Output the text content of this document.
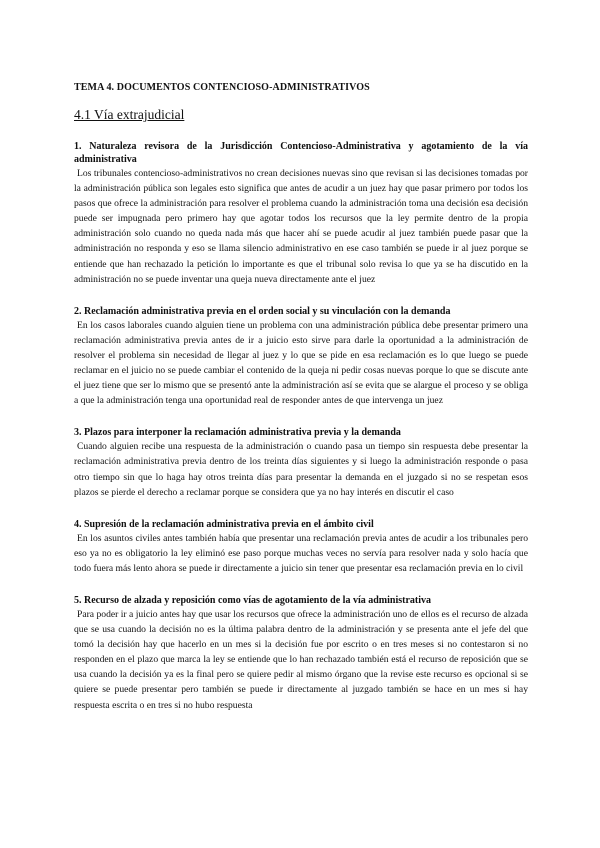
TEMA 4. DOCUMENTOS CONTENCIOSO-ADMINISTRATIVOS
4.1 Vía extrajudicial

1. Naturaleza revisora de la Jurisdicción Contencioso-Administrativa y agotamiento de la vía administrativa

Los tribunales contencioso-administrativos no crean decisiones nuevas sino que revisan si las decisiones tomadas por la administración pública son legales esto significa que antes de acudir a un juez hay que pasar primero por todos los pasos que ofrece la administración para resolver el problema cuando la administración toma una decisión esa decisión puede ser impugnada pero primero hay que agotar todos los recursos que la ley permite dentro de la propia administración solo cuando no queda nada más que hacer ahí se puede acudir al juez también puede pasar que la administración no responda y eso se llama silencio administrativo en ese caso también se puede ir al juez porque se entiende que han rechazado la petición lo importante es que el tribunal solo revisa lo que ya se ha discutido en la administración no se puede inventar una queja nueva directamente ante el juez

2. Reclamación administrativa previa en el orden social y su vinculación con la demanda

En los casos laborales cuando alguien tiene un problema con una administración pública debe presentar primero una reclamación administrativa previa antes de ir a juicio esto sirve para darle la oportunidad a la administración de resolver el problema sin necesidad de llegar al juez y lo que se pide en esa reclamación es lo que luego se puede reclamar en el juicio no se puede cambiar el contenido de la queja ni pedir cosas nuevas porque lo que se discute ante el juez tiene que ser lo mismo que se presentó ante la administración así se evita que se alargue el proceso y se obliga a que la administración tenga una oportunidad real de responder antes de que intervenga un juez

3. Plazos para interponer la reclamación administrativa previa y la demanda

Cuando alguien recibe una respuesta de la administración o cuando pasa un tiempo sin respuesta debe presentar la reclamación administrativa previa dentro de los treinta días siguientes y si luego la administración responde o pasa otro tiempo sin que lo haga hay otros treinta días para presentar la demanda en el juzgado si no se respetan esos plazos se pierde el derecho a reclamar porque se considera que ya no hay interés en discutir el caso

4. Supresión de la reclamación administrativa previa en el ámbito civil

En los asuntos civiles antes también había que presentar una reclamación previa antes de acudir a los tribunales pero eso ya no es obligatorio la ley eliminó ese paso porque muchas veces no servía para resolver nada y solo hacía que todo fuera más lento ahora se puede ir directamente a juicio sin tener que presentar esa reclamación previa en lo civil

5. Recurso de alzada y reposición como vías de agotamiento de la vía administrativa

Para poder ir a juicio antes hay que usar los recursos que ofrece la administración uno de ellos es el recurso de alzada que se usa cuando la decisión no es la última palabra dentro de la administración y se presenta ante el jefe del que tomó la decisión hay que hacerlo en un mes si la decisión fue por escrito o en tres meses si no contestaron si no responden en el plazo que marca la ley se entiende que lo han rechazado también está el recurso de reposición que se usa cuando la decisión ya es la final pero se quiere pedir al mismo órgano que la revise este recurso es opcional si se quiere se puede presentar pero también se puede ir directamente al juzgado también se hace en un mes si hay respuesta escrita o en tres si no hubo respuesta
